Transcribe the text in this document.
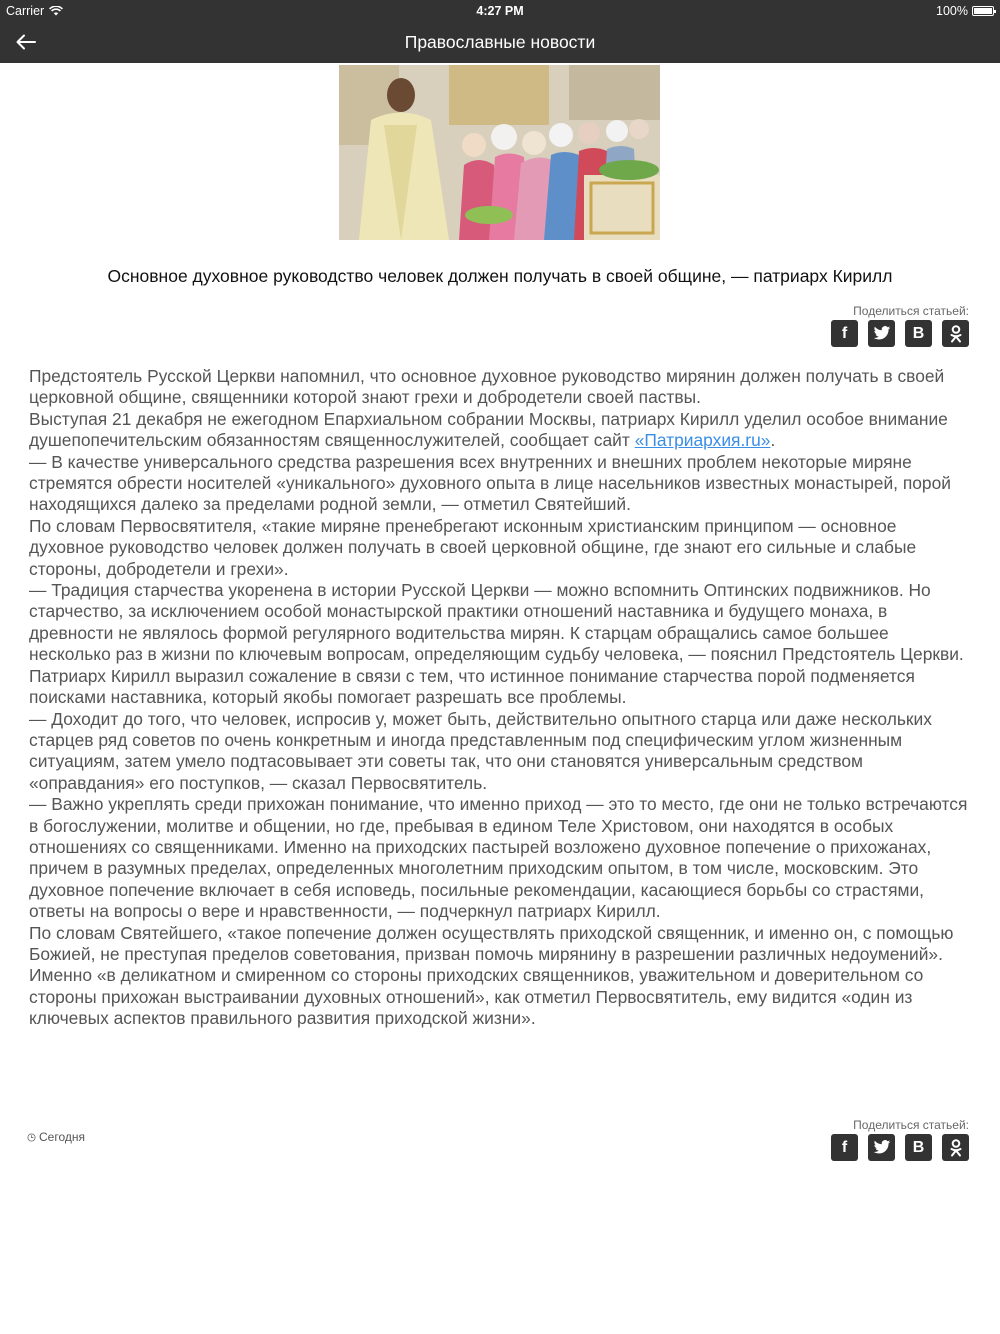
Carrier	4:27 PM	100%
Православные новости
Основное духовное руководство человек должен получать в своей общине, — патриарх Кирилл
Поделиться статьей:
f	B
Предстоятель Русской Церкви напомнил, что основное духовное руководство мирянин должен получать в своей церковной общине, священники которой знают грехи и добродетели своей паствы.
Выступая 21 декабря не ежегодном Епархиальном собрании Москвы, патриарх Кирилл уделил особое внимание душепопечительским обязанностям священнослужителей, сообщает сайт «Патриархия.ru».
— В качестве универсального средства разрешения всех внутренних и внешних проблем некоторые миряне стремятся обрести носителей «уникального» духовного опыта в лице насельников известных монастырей, порой находящихся далеко за пределами родной земли, — отметил Святейший.
По словам Первосвятителя, «такие миряне пренебрегают исконным христианским принципом — основное духовное руководство человек должен получать в своей церковной общине, где знают его сильные и слабые стороны, добродетели и грехи».
— Традиция старчества укоренена в истории Русской Церкви — можно вспомнить Оптинских подвижников. Но старчество, за исключением особой монастырской практики отношений наставника и будущего монаха, в древности не являлось формой регулярного водительства мирян. К старцам обращались самое большее несколько раз в жизни по ключевым вопросам, определяющим судьбу человека, — пояснил Предстоятель Церкви.
Патриарх Кирилл выразил сожаление в связи с тем, что истинное понимание старчества порой подменяется поисками наставника, который якобы помогает разрешать все проблемы.
— Доходит до того, что человек, испросив у, может быть, действительно опытного старца или даже нескольких старцев ряд советов по очень конкретным и иногда представленным под специфическим углом жизненным ситуациям, затем умело подтасовывает эти советы так, что они становятся универсальным средством «оправдания» его поступков, — сказал Первосвятитель.
— Важно укреплять среди прихожан понимание, что именно приход — это то место, где они не только встречаются в богослужении, молитве и общении, но где, пребывая в едином Теле Христовом, они находятся в особых отношениях со священниками. Именно на приходских пастырей возложено духовное попечение о прихожанах, причем в разумных пределах, определенных многолетним приходским опытом, в том числе, московским. Это духовное попечение включает в себя исповедь, посильные рекомендации, касающиеся борьбы со страстями, ответы на вопросы о вере и нравственности, — подчеркнул патриарх Кирилл.
По словам Святейшего, «такое попечение должен осуществлять приходской священник, и именно он, с помощью Божией, не преступая пределов советования, призван помочь мирянину в разрешении различных недоумений».
Именно «в деликатном и смиренном со стороны приходских священников, уважительном и доверительном со стороны прихожан выстраивании духовных отношений», как отметил Первосвятитель, ему видится «один из ключевых аспектов правильного развития приходской жизни».
Сегодня
Поделиться статьей:
f	B
